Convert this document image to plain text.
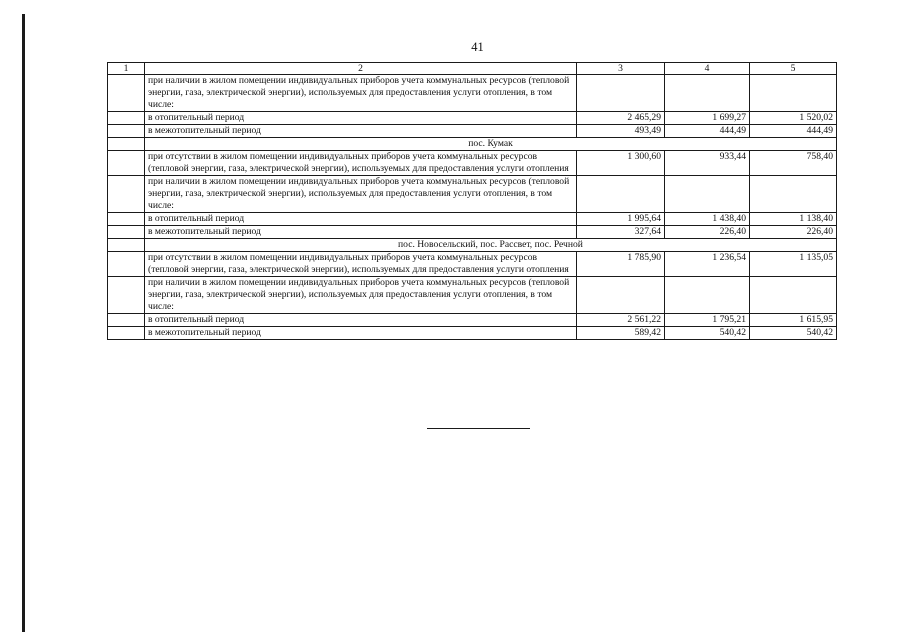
41
1	2	3	4	5
	при наличии в жилом помещении индивидуальных приборов учета коммунальных ресурсов (тепловой энергии, газа, электрической энергии), используемых для предоставления услуги отопления, в том числе:			
	в отопительный период	2 465,29	1 699,27	1 520,02
	в межотопительный период	493,49	444,49	444,49
	пос. Кумак			
	при отсутствии в жилом помещении индивидуальных приборов учета коммунальных ресурсов (тепловой энергии, газа, электрической энергии), используемых для предоставления услуги отопления	1 300,60	933,44	758,40
	при наличии в жилом помещении индивидуальных приборов учета коммунальных ресурсов (тепловой энергии, газа, электрической энергии), используемых для предоставления услуги отопления, в том числе:			
	в отопительный период	1 995,64	1 438,40	1 138,40
	в межотопительный период	327,64	226,40	226,40
	пос. Новосельский, пос. Рассвет, пос. Речной			
	при отсутствии в жилом помещении индивидуальных приборов учета коммунальных ресурсов (тепловой энергии, газа, электрической энергии), используемых для предоставления услуги отопления	1 785,90	1 236,54	1 135,05
	при наличии в жилом помещении индивидуальных приборов учета коммунальных ресурсов (тепловой энергии, газа, электрической энергии), используемых для предоставления услуги отопления, в том числе:			
	в отопительный период	2 561,22	1 795,21	1 615,95
	в межотопительный период	589,42	540,42	540,42
